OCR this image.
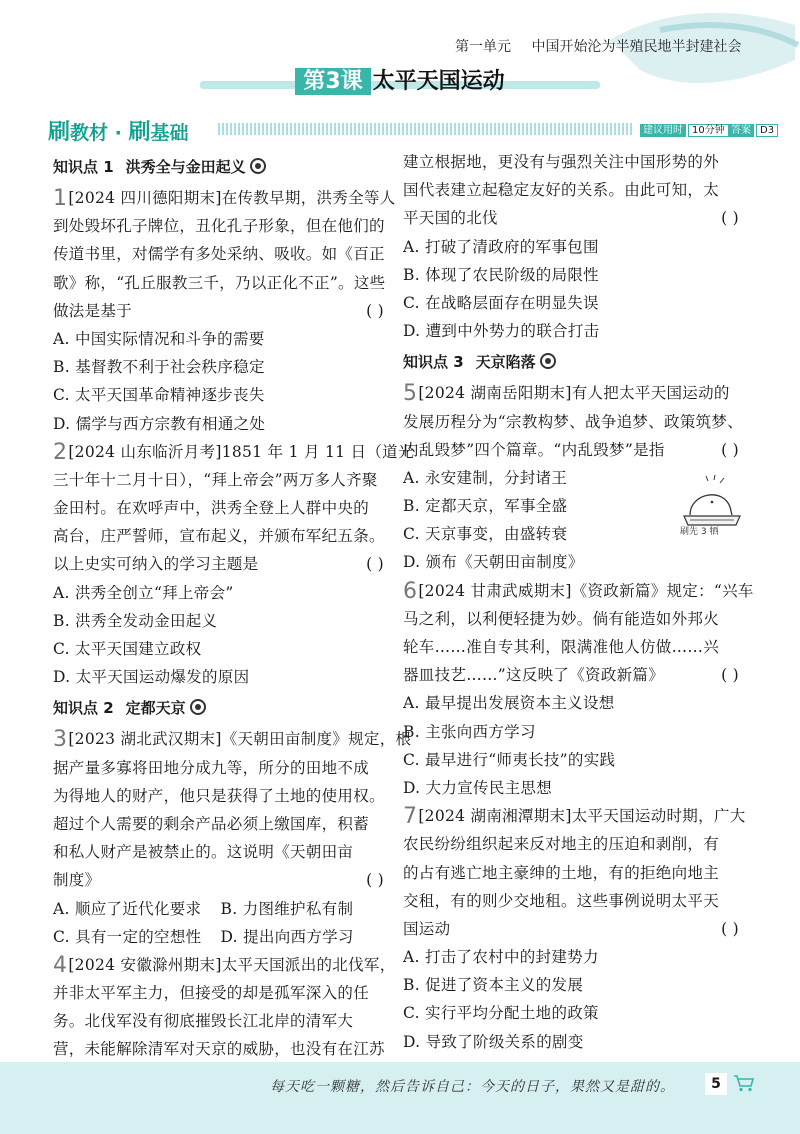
第一单元 中国开始沦为半殖民地半封建社会
第3课 太平天国运动
刷教材 · 刷基础	建议用时 10分钟 答案 D3
知识点 1 洪秀全与金田起义
1[2024 四川德阳期末]在传教早期，洪秀全等人
到处毁坏孔子牌位，丑化孔子形象，但在他们的
传道书里，对儒学有多处采纳、吸收。如《百正
歌》称，“孔丘服教三千，乃以正化不正”。这些
做法是基于	( )
A. 中国实际情况和斗争的需要
B. 基督教不利于社会秩序稳定
C. 太平天国革命精神逐步丧失
D. 儒学与西方宗教有相通之处
2[2024 山东临沂月考]1851 年 1 月 11 日（道光
三十年十二月十日），“拜上帝会”两万多人齐聚
金田村。在欢呼声中，洪秀全登上人群中央的
高台，庄严誓师，宣布起义，并颁布军纪五条。
以上史实可纳入的学习主题是	( )
A. 洪秀全创立“拜上帝会”
B. 洪秀全发动金田起义
C. 太平天国建立政权
D. 太平天国运动爆发的原因
知识点 2 定都天京
3[2023 湖北武汉期末]《天朝田亩制度》规定，根
据产量多寡将田地分成九等，所分的田地不成
为得地人的财产，他只是获得了土地的使用权。
超过个人需要的剩余产品必须上缴国库，积蓄
和私人财产是被禁止的。这说明《天朝田亩
制度》	( )
A. 顺应了近代化要求	B. 力图维护私有制
C. 具有一定的空想性	D. 提出向西方学习
4[2024 安徽滁州期末]太平天国派出的北伐军，
并非太平军主力，但接受的却是孤军深入的任
务。北伐军没有彻底摧毁长江北岸的清军大
营，未能解除清军对天京的威胁，也没有在江苏
建立根据地，更没有与强烈关注中国形势的外
国代表建立起稳定友好的关系。由此可知，太
平天国的北伐	( )
A. 打破了清政府的军事包围
B. 体现了农民阶级的局限性
C. 在战略层面存在明显失误
D. 遭到中外势力的联合打击
知识点 3 天京陷落
5[2024 湖南岳阳期末]有人把太平天国运动的
发展历程分为“宗教构梦、战争追梦、政策筑梦、
内乱毁梦”四个篇章。“内乱毁梦”是指	( )
A. 永安建制，分封诸王
B. 定都天京，军事全盛
C. 天京事变，由盛转衰
D. 颁布《天朝田亩制度》
6[2024 甘肃武威期末]《资政新篇》规定：“兴车
马之利，以利便轻捷为妙。倘有能造如外邦火
轮车……准自专其利，限满准他人仿做……兴
器皿技艺……”这反映了《资政新篇》	( )
A. 最早提出发展资本主义设想
B. 主张向西方学习
C. 最早进行“师夷长技”的实践
D. 大力宣传民主思想
7[2024 湖南湘潭期末]太平天国运动时期，广大
农民纷纷组织起来反对地主的压迫和剥削，有
的占有逃亡地主豪绅的土地，有的拒绝向地主
交租，有的则少交地租。这些事例说明太平天
国运动	( )
A. 打击了农村中的封建势力
B. 促进了资本主义的发展
C. 实行平均分配土地的政策
D. 导致了阶级关系的剧变
刷先 3 牺
每天吃一颗糖，然后告诉自己：今天的日子，果然又是甜的。	5
